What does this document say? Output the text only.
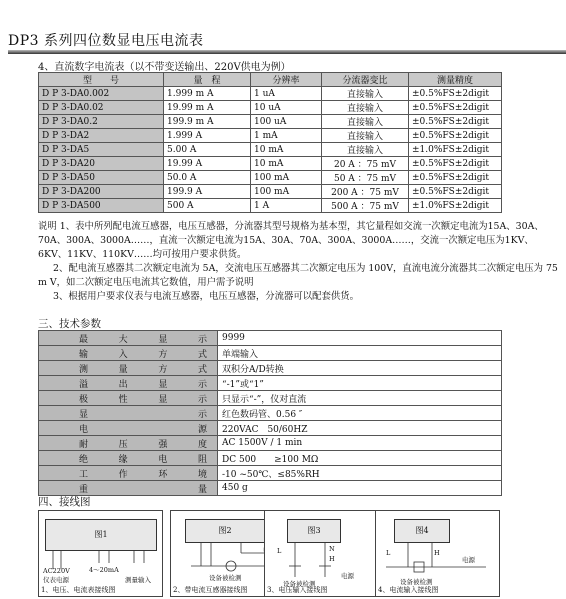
DP3 系列四位数显电压电流表
4、直流数字电流表（以不带变送输出、220V供电为例）
型　　号	量　程	分辨率	分流器变比	测量精度
D P 3-DA0.002	1.999 m A	1 uA	直接输入	±0.5%FS±2digit
D P 3-DA0.02	19.99 m A	10 uA	直接输入	±0.5%FS±2digit
D P 3-DA0.2	199.9 m A	100 uA	直接输入	±0.5%FS±2digit
D P 3-DA2	1.999 A	1 mA	直接输入	±0.5%FS±2digit
D P 3-DA5	5.00 A	10 mA	直接输入	±1.0%FS±2digit
D P 3-DA20	19.99 A	10 mA	20 A ：75 mV	±0.5%FS±2digit
D P 3-DA50	50.0 A	100 mA	50 A ：75 mV	±0.5%FS±2digit
D P 3-DA200	199.9 A	100 mA	200 A ：75 mV	±0.5%FS±2digit
D P 3-DA500	500 A	1 A	500 A ：75 mV	±1.0%FS±2digit

说明 1、表中所列配电流互感器，电压互感器，分流器其型号规格为基本型，其它量程如交流一次额定电流为15A、30A、70A、300A、3000A……，直流一次额定电流为15A、30A、70A、300A、3000A……，交流一次额定电压为1KV、6KV、11KV、110KV……均可按用户要求供货。

2、配电流互感器其二次额定电流为 5A，交流电压互感器其二次额定电压为 100V，直流电流分流器其二次额定电压为 75 m V，如二次额定电压电流其它数值，用户需予说明

3、根据用户要求仪表与电流互感器，电压互感器，分流器可以配套供货。

三、技术参数
最大显示	9999
输入方式	单端输入
测量方式	双积分A/D转换
溢出显示	“-1”或“1”
极性显示	只显示“-”，仪对直流
显示	红色数码管、0.56 ″
电源	220VAC　50/60HZ
耐压强度	AC 1500V / 1 min
绝缘电阻	DC 500　　≥100 MΩ
工作环境	-10 ~50℃、≤85%RH
重量	450 g
四、接线图
图1
AC220V
仪表电源
4～20mA
测量输入
1、电压、电流表接线图
图2
设备被检测
2、带电流互感器接线图
图3
L	N
H
电源
设备被检测
3、电压输入接线图
图4
L	H
电源
设备被检测
4、电流输入接线图
